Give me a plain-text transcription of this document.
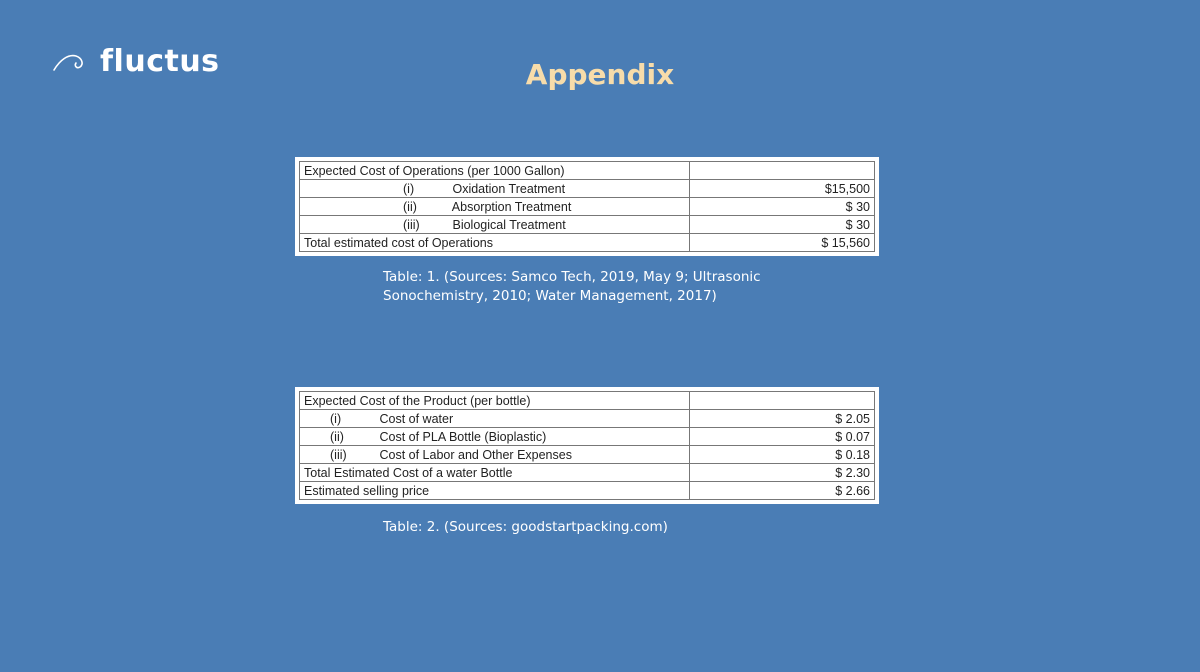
fluctus	Appendix
Expected Cost of Operations (per 1000 Gallon)	
(i) Oxidation Treatment	$15,500
(ii) Absorption Treatment	$ 30
(iii) Biological Treatment	$ 30
Total estimated cost of Operations	$ 15,560
Table: 1. (Sources: Samco Tech, 2019, May 9; Ultrasonic Sonochemistry, 2010; Water Management, 2017)
Expected Cost of the Product (per bottle)	
(i) Cost of water	$ 2.05
(ii) Cost of PLA Bottle (Bioplastic)	$ 0.07
(iii) Cost of Labor and Other Expenses	$ 0.18
Total Estimated Cost of a water Bottle	$ 2.30
Estimated selling price	$ 2.66
Table: 2. (Sources: goodstartpacking.com)
